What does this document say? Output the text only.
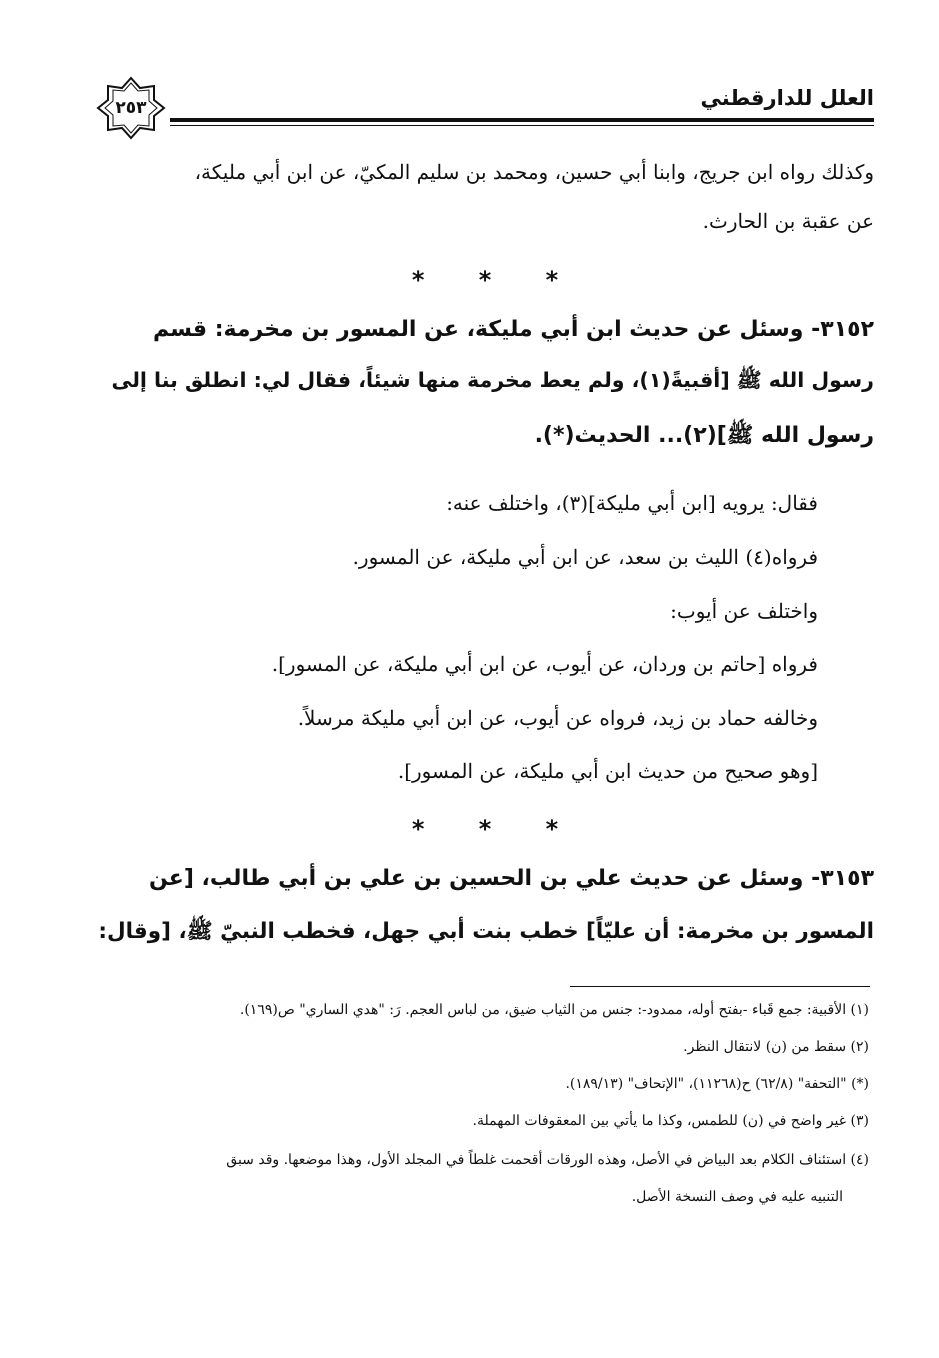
٢٥٣	العلل للدارقطني
وكذلك رواه ابن جريج، وابنا أبي حسين، ومحمد بن سليم المكيّ، عن ابن أبي مليكة،
عن عقبة بن الحارث.
* * *
٣١٥٢- وسئل عن حديث ابن أبي مليكة، عن المسور بن مخرمة: قسم
رسول الله ﷺ [أقبيةً(١)، ولم يعط مخرمة منها شيئاً، فقال لي: انطلق بنا إلى
رسول الله ﷺ](٢)... الحديث(*).
فقال: يرويه [ابن أبي مليكة](٣)، واختلف عنه:
فرواه(٤) الليث بن سعد، عن ابن أبي مليكة، عن المسور.
واختلف عن أيوب:
فرواه [حاتم بن وردان، عن أيوب، عن ابن أبي مليكة، عن المسور].
وخالفه حماد بن زيد، فرواه عن أيوب، عن ابن أبي مليكة مرسلاً.
[وهو صحيح من حديث ابن أبي مليكة، عن المسور].
* * *
٣١٥٣- وسئل عن حديث علي بن الحسين بن علي بن أبي طالب، [عن
المسور بن مخرمة: أن عليّاً] خطب بنت أبي جهل، فخطب النبيّ ﷺ، [وقال:
(١) الأقبية: جمع قَباء -بفتح أوله، ممدود-: جنس من الثياب ضيق، من لباس العجم. رَ: "هدي الساري" ص(١٦٩).
(٢) سقط من (ن) لانتقال النظر.
(*) "التحفة" (٦٢/٨) ح(١١٢٦٨)، "الإتحاف" (١٨٩/١٣).
(٣) غير واضح في (ن) للطمس، وكذا ما يأتي بين المعقوفات المهملة.
(٤) استئناف الكلام بعد البياض في الأصل، وهذه الورقات أقحمت غلطاً في المجلد الأول، وهذا موضعها. وقد سبق
التنبيه عليه في وصف النسخة الأصل.
